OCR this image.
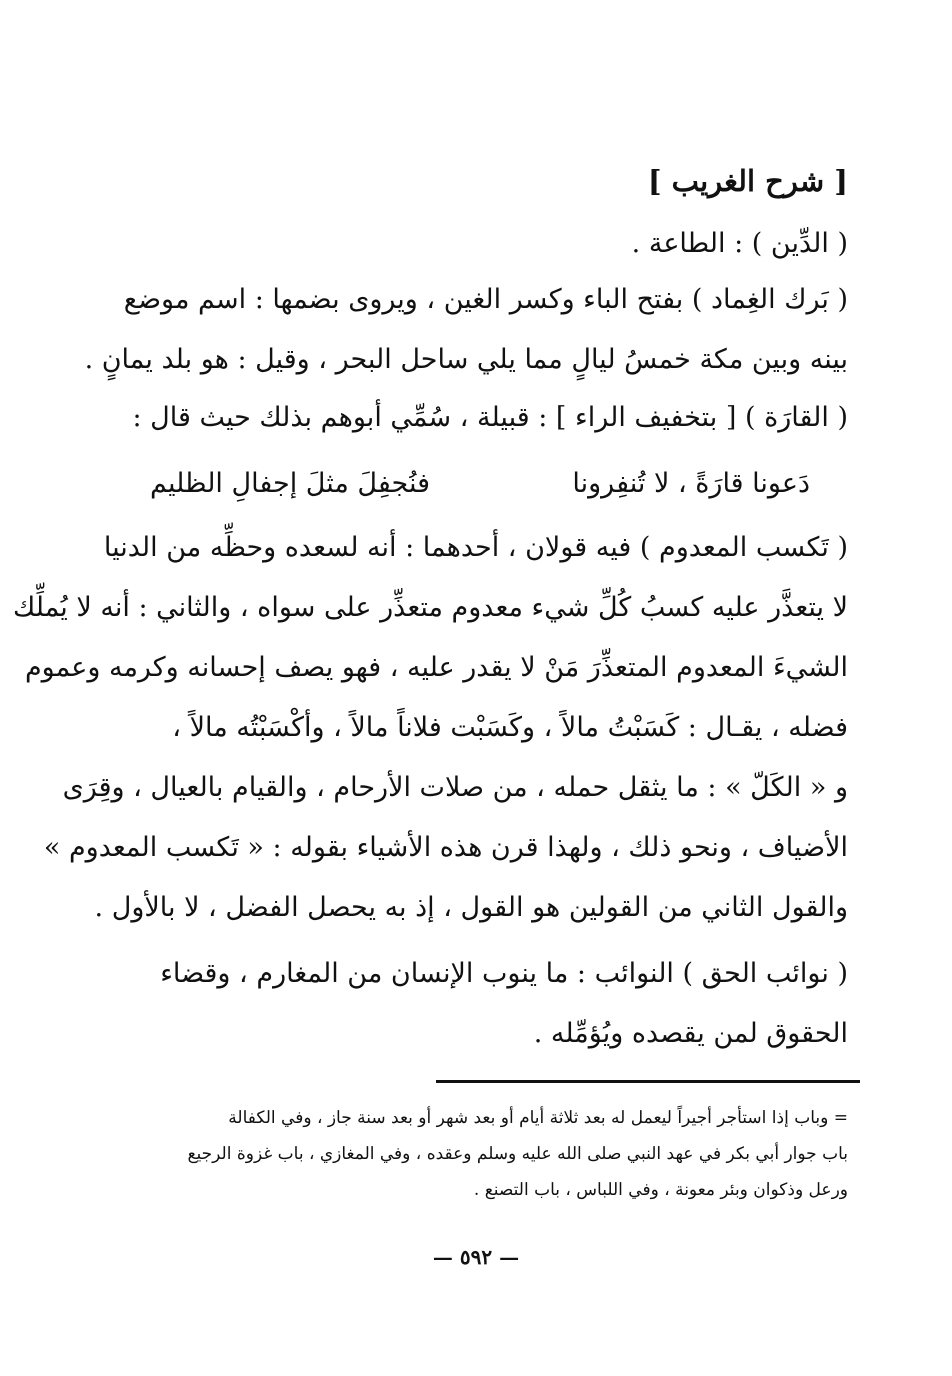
[ شرح الغريب ]
( الدِّين ) : الطاعة .
( بَرك الغِماد ) بفتح الباء وكسر الغين ، ويروى بضمها : اسم موضع
بينه وبين مكة خمسُ ليالٍ مما يلي ساحل البحر ، وقيل : هو بلد يمانٍ .
( القارَة ) [ بتخفيف الراء ] : قبيلة ، سُمِّي أبوهم بذلك حيث قال :
دَعونا قارَةً ، لا تُنفِرونا
فنُجفِلَ مثلَ إجفالِ الظليم
( تَكسب المعدوم ) فيه قولان ، أحدهما : أنه لسعده وحظِّه من الدنيا
لا يتعذَّر عليه كسبُ كُلِّ شيء معدوم متعذِّر على سواه ، والثاني : أنه لا يُملِّك
الشيءَ المعدوم المتعذِّرَ مَنْ لا يقدر عليه ، فهو يصف إحسانه وكرمه وعموم
فضله ، يقـال : كَسَبْتُ مالاً ، وكَسَبْت فلاناً مالاً ، وأكْسَبْتُه مالاً ،
و « الكَلّ » : ما يثقل حمله ، من صلات الأرحام ، والقيام بالعيال ، وقِرَى
الأضياف ، ونحو ذلك ، ولهذا قرن هذه الأشياء بقوله : « تَكسب المعدوم »
والقول الثاني من القولين هو القول ، إذ به يحصل الفضل ، لا بالأول .
( نوائب الحق ) النوائب : ما ينوب الإنسان من المغارم ، وقضاء
الحقوق لمن يقصده ويُؤمِّله .
= وباب إذا استأجر أجيراً ليعمل له بعد ثلاثة أيام أو بعد شهر أو بعد سنة جاز ، وفي الكفالة
باب جوار أبي بكر في عهد النبي صلى الله عليه وسلم وعقده ، وفي المغازي ، باب غزوة الرجيع
ورعل وذكوان وبئر معونة ، وفي اللباس ، باب التصنع .
— ٥٩٢ —
